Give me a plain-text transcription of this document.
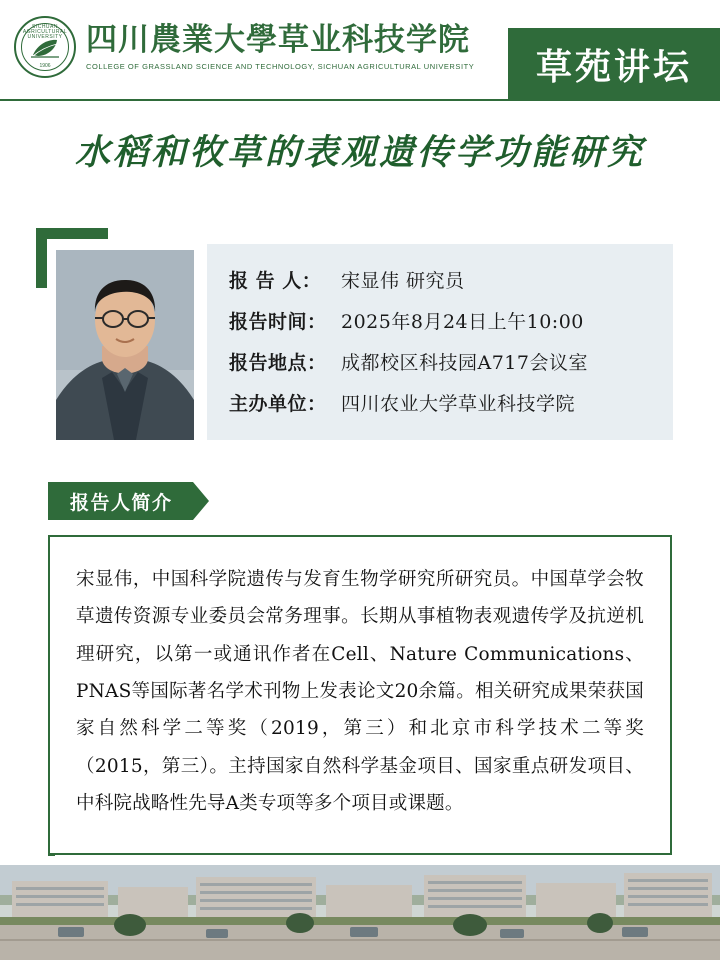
SICHUAN AGRICULTURAL UNIVERSITY
1906
四川農業大學草业科技学院
COLLEGE OF GRASSLAND SCIENCE AND TECHNOLOGY, SICHUAN AGRICULTURAL UNIVERSITY 草苑讲坛
水稻和牧草的表观遗传学功能研究
报 告 人：	宋显伟 研究员
报告时间： 2025年8月24日上午10:00
报告地点： 成都校区科技园A717会议室
主办单位： 四川农业大学草业科技学院
报告人简介
宋显伟，中国科学院遗传与发育生物学研究所研究员。中国草学会牧草遗传资源专业委员会常务理事。长期从事植物表观遗传学及抗逆机理研究，以第一或通讯作者在Cell、Nature Communications、PNAS等国际著名学术刊物上发表论文20余篇。相关研究成果荣获国家自然科学二等奖（2019，第三）和北京市科学技术二等奖（2015，第三）。主持国家自然科学基金项目、国家重点研发项目、中科院战略性先导A类专项等多个项目或课题。
